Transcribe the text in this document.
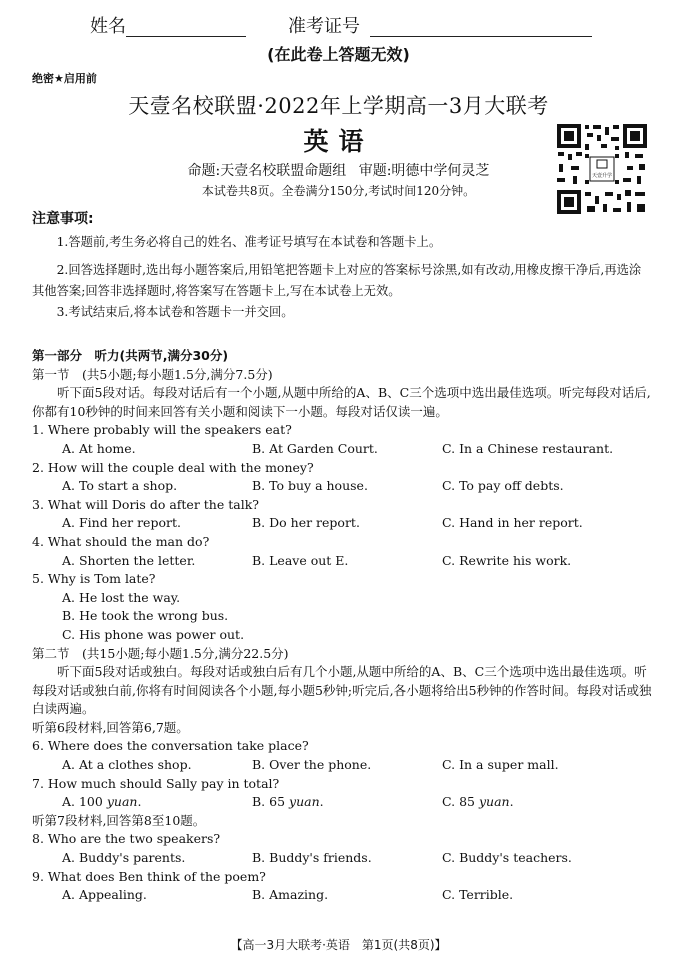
姓名	准考证号
(在此卷上答题无效)
绝密★启用前
天壹名校联盟·2022年上学期高一3月大联考
英语
命题:天壹名校联盟命题组 审题:明德中学何灵芝
本试卷共8页。全卷满分150分,考试时间120分钟。
天壹升学
注意事项:
1.答题前,考生务必将自己的姓名、准考证号填写在本试卷和答题卡上。
2.回答选择题时,选出每小题答案后,用铅笔把答题卡上对应的答案标号涂黑,如有改动,用橡皮擦干净后,再选涂其他答案;回答非选择题时,将答案写在答题卡上,写在本试卷上无效。
3.考试结束后,将本试卷和答题卡一并交回。
第一部分　听力(共两节,满分30分)
第一节　(共5小题;每小题1.5分,满分7.5分)
听下面5段对话。每段对话后有一个小题,从题中所给的A、B、C三个选项中选出最佳选项。听完每段对话后,你都有10秒钟的时间来回答有关小题和阅读下一小题。每段对话仅读一遍。
1. Where probably will the speakers eat?
A. At home.	B. At Garden Court.	C. In a Chinese restaurant.
2. How will the couple deal with the money?
A. To start a shop.	B. To buy a house.	C. To pay off debts.
3. What will Doris do after the talk?
A. Find her report.	B. Do her report.	C. Hand in her report.
4. What should the man do?
A. Shorten the letter.	B. Leave out E.	C. Rewrite his work.
5. Why is Tom late?
A. He lost the way.
B. He took the wrong bus.
C. His phone was power out.
第二节　(共15小题;每小题1.5分,满分22.5分)
听下面5段对话或独白。每段对话或独白后有几个小题,从题中所给的A、B、C三个选项中选出最佳选项。听每段对话或独白前,你将有时间阅读各个小题,每小题5秒钟;听完后,各小题将给出5秒钟的作答时间。每段对话或独白读两遍。
听第6段材料,回答第6,7题。
6. Where does the conversation take place?
A. At a clothes shop.	B. Over the phone.	C. In a super mall.
7. How much should Sally pay in total?
A. 100 yuan.	B. 65 yuan.	C. 85 yuan.
听第7段材料,回答第8至10题。
8. Who are the two speakers?
A. Buddy's parents.	B. Buddy's friends.	C. Buddy's teachers.
9. What does Ben think of the poem?
A. Appealing.	B. Amazing.	C. Terrible.
【高一3月大联考·英语　第1页(共8页)】
